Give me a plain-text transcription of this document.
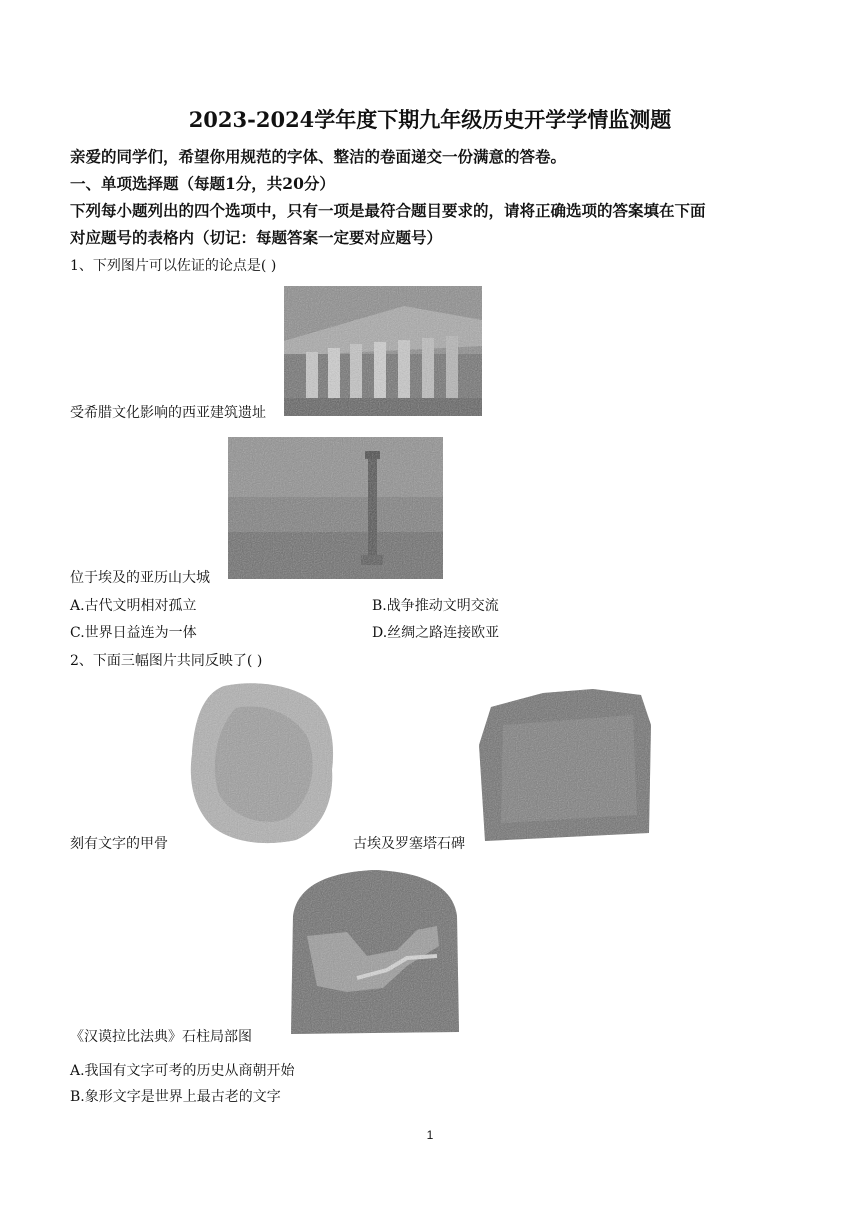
2023-2024学年度下期九年级历史开学学情监测题
亲爱的同学们，希望你用规范的字体、整洁的卷面递交一份满意的答卷。
一、单项选择题（每题1分，共20分）
下列每小题列出的四个选项中，只有一项是最符合题目要求的，请将正确选项的答案填在下面
对应题号的表格内（切记：每题答案一定要对应题号）
1、下列图片可以佐证的论点是( )
受希腊文化影响的西亚建筑遗址
位于埃及的亚历山大城
A.古代文明相对孤立	B.战争推动文明交流
C.世界日益连为一体	D.丝绸之路连接欧亚
2、下面三幅图片共同反映了( )
刻有文字的甲骨	古埃及罗塞塔石碑
《汉谟拉比法典》石柱局部图
A.我国有文字可考的历史从商朝开始
B.象形文字是世界上最古老的文字
1
